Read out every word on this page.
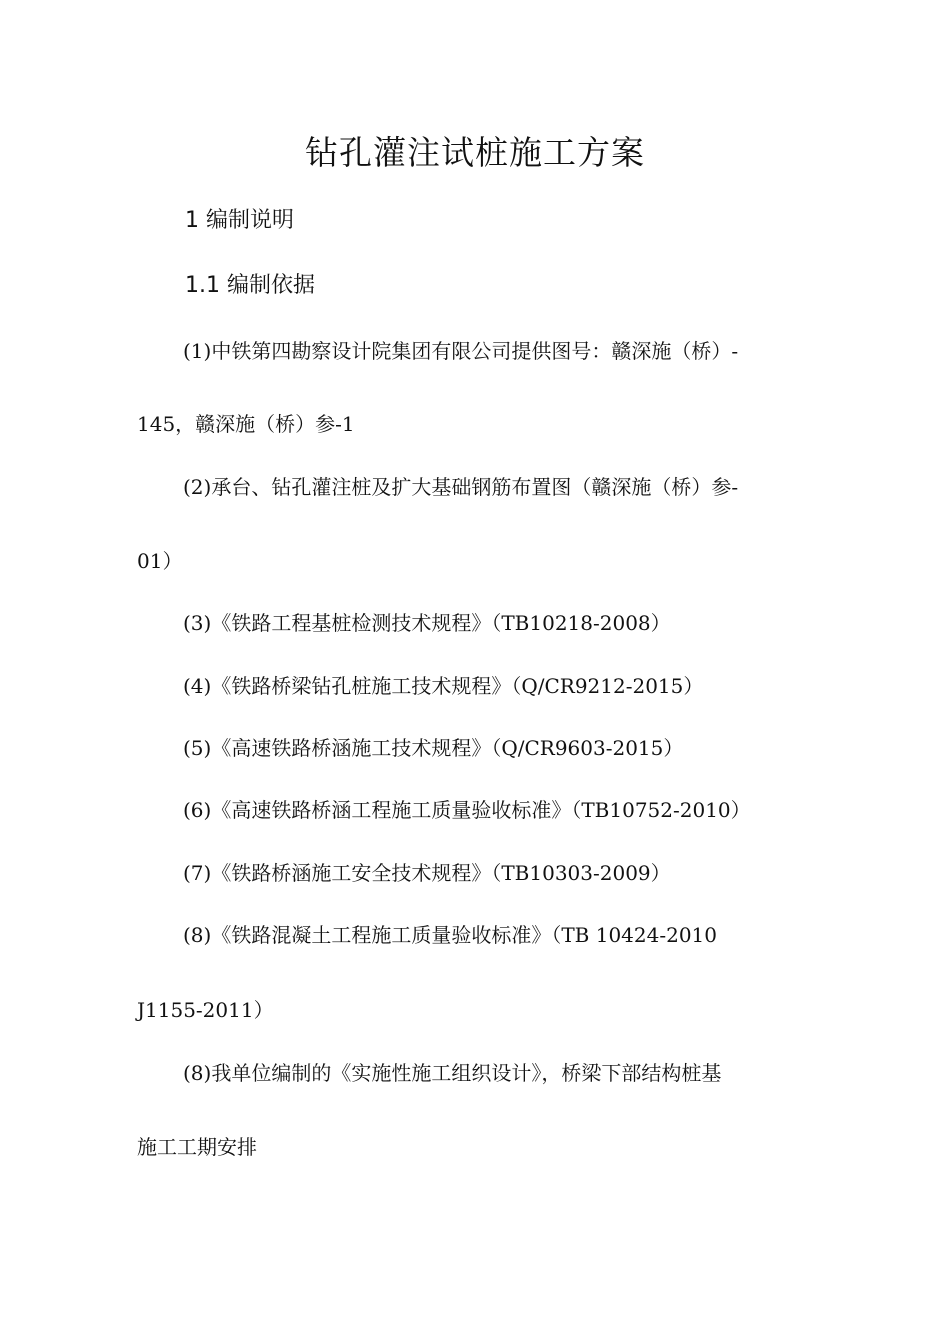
钻孔灌注试桩施工方案
1 编制说明
1.1 编制依据
(1)中铁第四勘察设计院集团有限公司提供图号：赣深施（桥）-
145，赣深施（桥）参-1
(2)承台、钻孔灌注桩及扩大基础钢筋布置图（赣深施（桥）参-
01）
(3)《铁路工程基桩检测技术规程》（TB10218-2008）
(4)《铁路桥梁钻孔桩施工技术规程》（Q/CR9212-2015）
(5)《高速铁路桥涵施工技术规程》（Q/CR9603-2015）
(6)《高速铁路桥涵工程施工质量验收标准》（TB10752-2010）
(7)《铁路桥涵施工安全技术规程》（TB10303-2009）
(8)《铁路混凝土工程施工质量验收标准》（TB 10424-2010
J1155-2011）
(8)我单位编制的《实施性施工组织设计》，桥梁下部结构桩基
施工工期安排
